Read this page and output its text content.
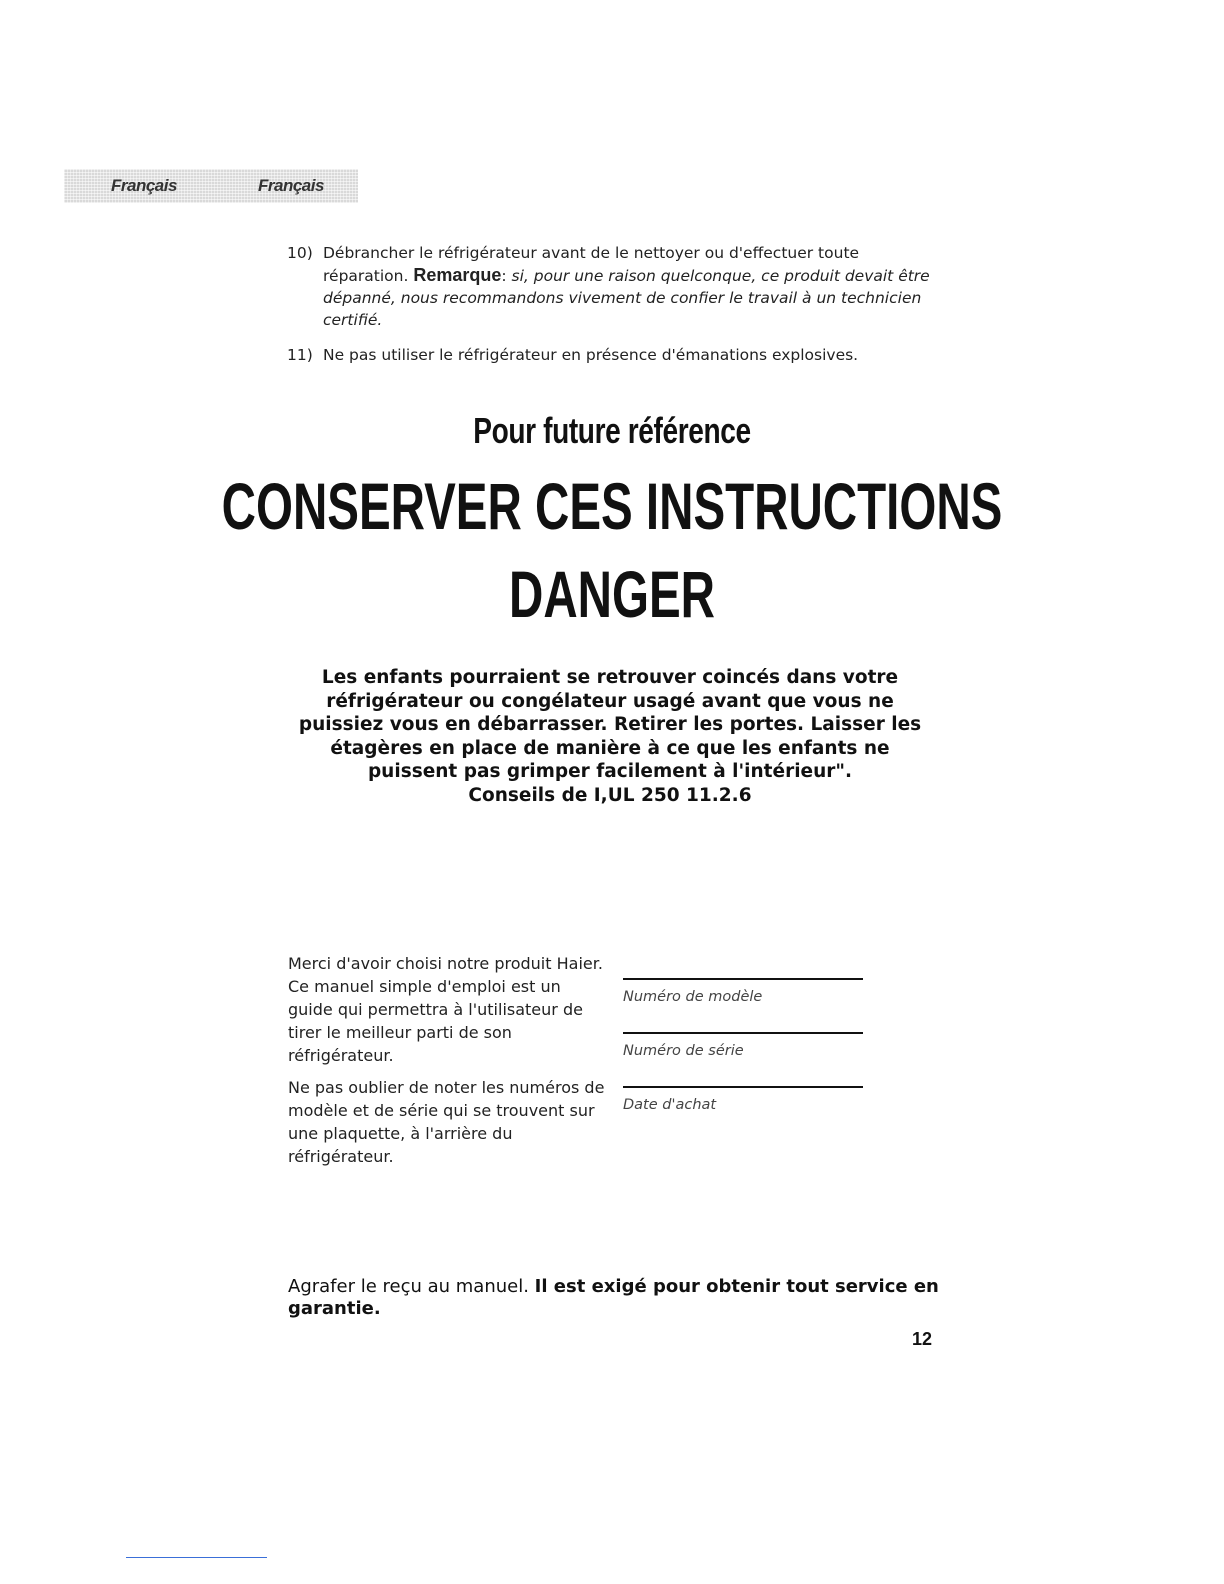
Français	Français
10) Débrancher le réfrigérateur avant de le nettoyer ou d'effectuer toute réparation. Remarque: si, pour une raison quelconque, ce produit devait être dépanné, nous recommandons vivement de confier le travail à un technicien certifié.
11) Ne pas utiliser le réfrigérateur en présence d'émanations explosives.
Pour future référence
CONSERVER CES INSTRUCTIONS
DANGER
Les enfants pourraient se retrouver coincés dans votre
réfrigérateur ou congélateur usagé avant que vous ne
puissiez vous en débarrasser. Retirer les portes. Laisser les
étagères en place de manière à ce que les enfants ne
puissent pas grimper facilement à l'intérieur".
Conseils de I,UL 250 11.2.6

Merci d'avoir choisi notre produit Haier. Ce manuel simple d'emploi est un guide qui permettra à l'utilisateur de tirer le meilleur parti de son réfrigérateur.

Ne pas oublier de noter les numéros de modèle et de série qui se trouvent sur une plaquette, à l'arrière du réfrigérateur.

Numéro de modèle
Numéro de série
Date d'achat
Agrafer le reçu au manuel. Il est exigé pour obtenir tout service en garantie.
12
